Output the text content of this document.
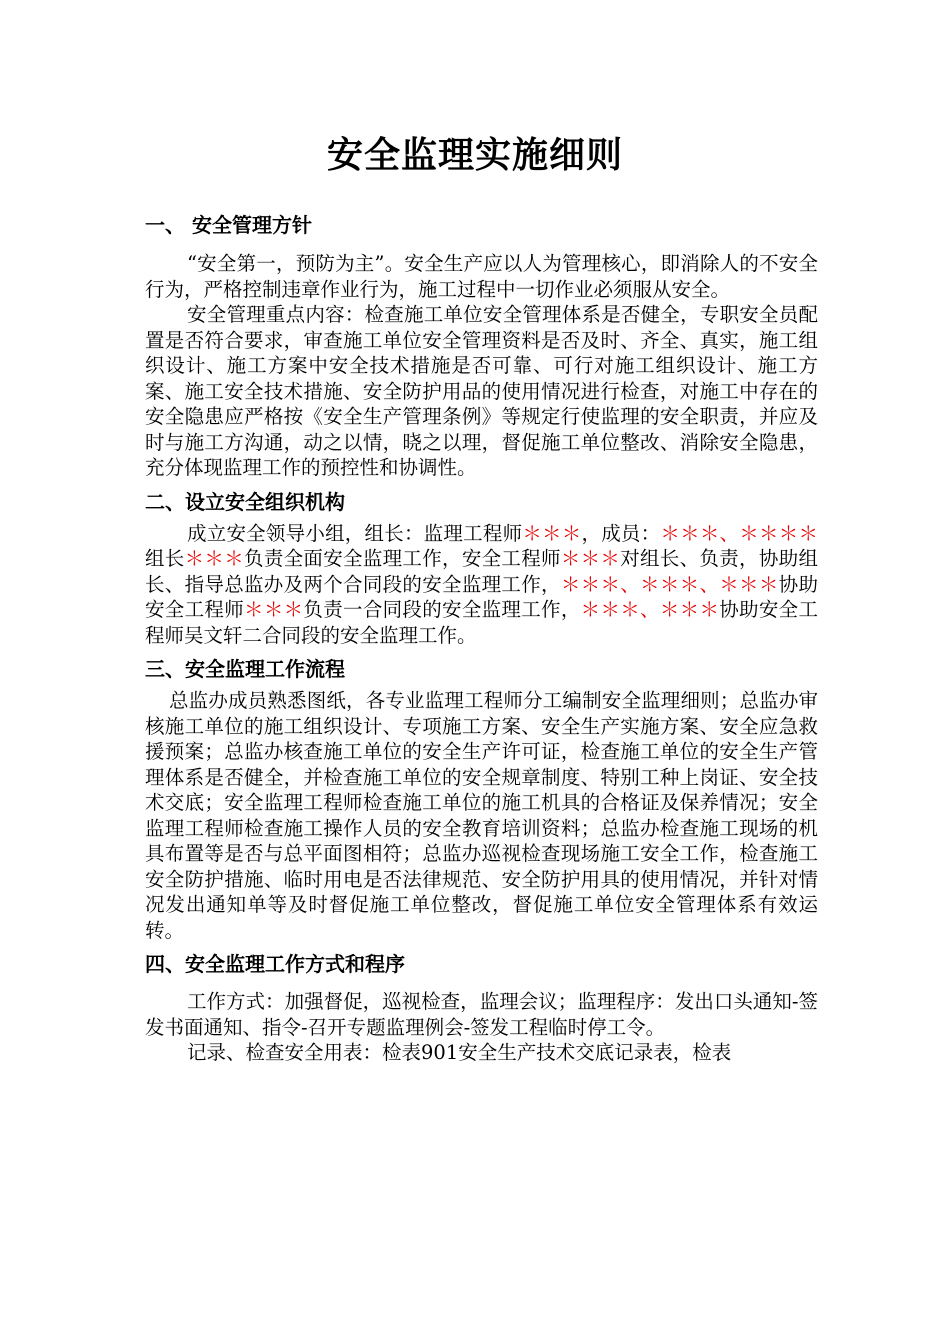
安全监理实施细则
一、 安全管理方针

“安全第一，预防为主”。安全生产应以人为管理核心，即消除人的不安全行为，严格控制违章作业行为，施工过程中一切作业必须服从安全。

安全管理重点内容：检查施工单位安全管理体系是否健全，专职安全员配置是否符合要求，审查施工单位安全管理资料是否及时、齐全、真实，施工组织设计、施工方案中安全技术措施是否可靠、可行对施工组织设计、施工方案、施工安全技术措施、安全防护用品的使用情况进行检查，对施工中存在的安全隐患应严格按《安全生产管理条例》等规定行使监理的安全职责，并应及时与施工方沟通，动之以情，晓之以理，督促施工单位整改、消除安全隐患，充分体现监理工作的预控性和协调性。

二、设立安全组织机构

成立安全领导小组，组长：监理工程师＊＊＊，成员：＊＊＊、＊＊＊＊组长＊＊＊负责全面安全监理工作，安全工程师＊＊＊对组长、负责，协助组长、指导总监办及两个合同段的安全监理工作，＊＊＊、＊＊＊、＊＊＊协助安全工程师＊＊＊负责一合同段的安全监理工作，＊＊＊、＊＊＊协助安全工程师吴文轩二合同段的安全监理工作。

三、安全监理工作流程

总监办成员熟悉图纸，各专业监理工程师分工编制安全监理细则；总监办审核施工单位的施工组织设计、专项施工方案、安全生产实施方案、安全应急救援预案；总监办核查施工单位的安全生产许可证，检查施工单位的安全生产管理体系是否健全，并检查施工单位的安全规章制度、特别工种上岗证、安全技术交底；安全监理工程师检查施工单位的施工机具的合格证及保养情况；安全监理工程师检查施工操作人员的安全教育培训资料；总监办检查施工现场的机具布置等是否与总平面图相符；总监办巡视检查现场施工安全工作，检查施工安全防护措施、临时用电是否法律规范、安全防护用具的使用情况，并针对情况发出通知单等及时督促施工单位整改，督促施工单位安全管理体系有效运转。

四、安全监理工作方式和程序

工作方式：加强督促，巡视检查，监理会议；监理程序：发出口头通知-签发书面通知、指令-召开专题监理例会-签发工程临时停工令。

记录、检查安全用表：检表901安全生产技术交底记录表，检表
